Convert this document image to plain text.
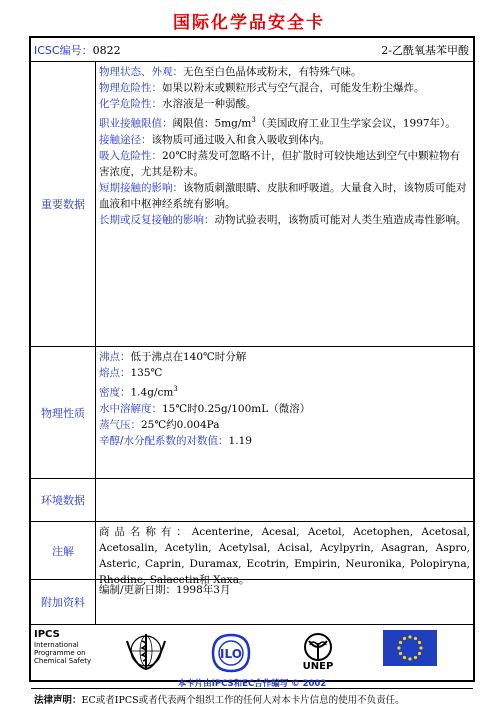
国际化学品安全卡
ICSC编号：0822	2-乙酰氧基苯甲酸
重要数据
物理状态、外观：无色至白色晶体或粉末，有特殊气味。
物理危险性：如果以粉末或颗粒形式与空气混合，可能发生粉尘爆炸。
化学危险性：水溶液是一种弱酸。
职业接触限值：阈限值：$5mg/m^3$（美国政府工业卫生学家会议，1997年）。
接触途径：该物质可通过吸入和食入吸收到体内。
吸入危险性：20℃时蒸发可忽略不计，但扩散时可较快地达到空气中颗粒物有害浓度，尤其是粉末。
短期接触的影响：该物质刺激眼睛、皮肤和呼吸道。大量食入时，该物质可能对血液和中枢神经系统有影响。
长期或反复接触的影响：动物试验表明，该物质可能对人类生殖造成毒性影响。
物理性质
沸点：低于沸点在140℃时分解
熔点：135℃
密度：$1.4g/cm^3$
水中溶解度：15℃时0.25g/100mL（微溶）
蒸气压：25℃约0.004Pa
辛醇/水分配系数的对数值：1.19
环境数据
注解
商品名称有：Acenterine, Acesal, Acetol, Acetophen, Acetosal, Acetosalin, Acetylin, Acetylsal, Acisal, Acylpyrin, Asagran, Aspro, Asteric, Caprin, Duramax, Ecotrin, Empirin, Neuronika, Polopiryna, Rhodine, Salacetin和 Xaxa。
附加资料
编制/更新日期：1998年3月
IPCS
International
Programme on
Chemical Safety	ILO
UNEP
本卡片由IPCS和EC合作编写 © 2002
法律声明：EC或者IPCS或者代表两个组织工作的任何人对本卡片信息的使用不负责任。
